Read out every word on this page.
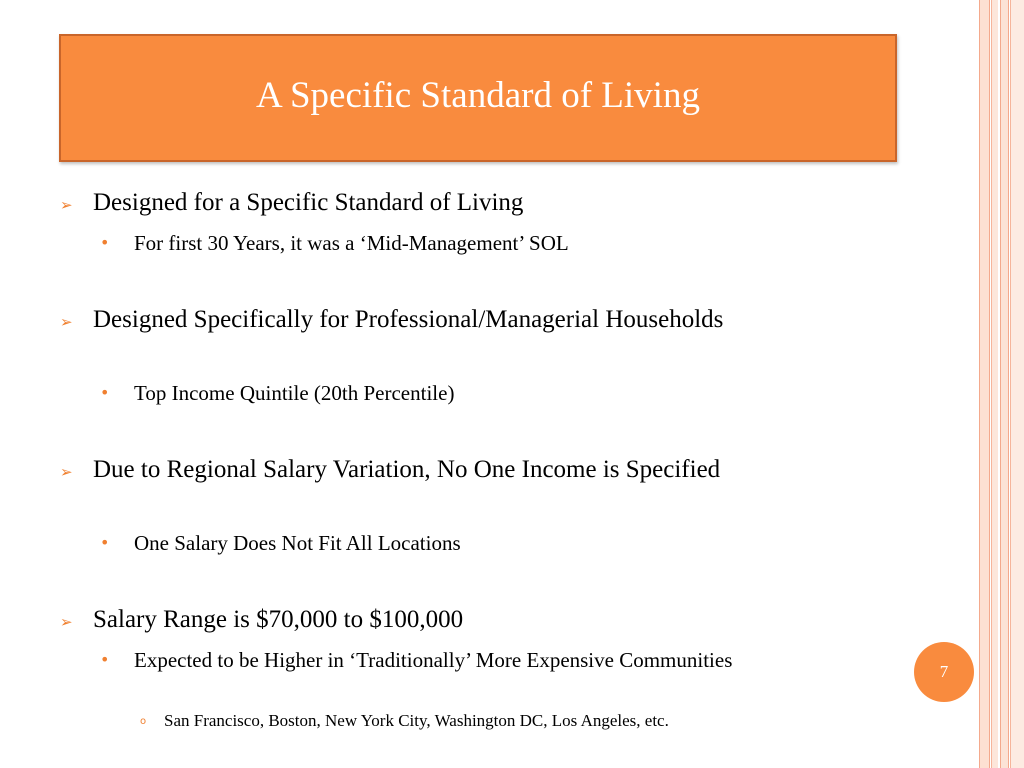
A Specific Standard of Living
➢ Designed for a Specific Standard of Living
•	For first 30 Years, it was a ‘Mid-Management’ SOL
➢ Designed Specifically for Professional/Managerial Households
•	Top Income Quintile (20th Percentile)
➢ Due to Regional Salary Variation, No One Income is Specified
•	One Salary Does Not Fit All Locations
➢ Salary Range is $70,000 to $100,000
•	Expected to be Higher in ‘Traditionally’ More Expensive Communities
o	San Francisco, Boston, New York City, Washington DC, Los Angeles, etc.
7
